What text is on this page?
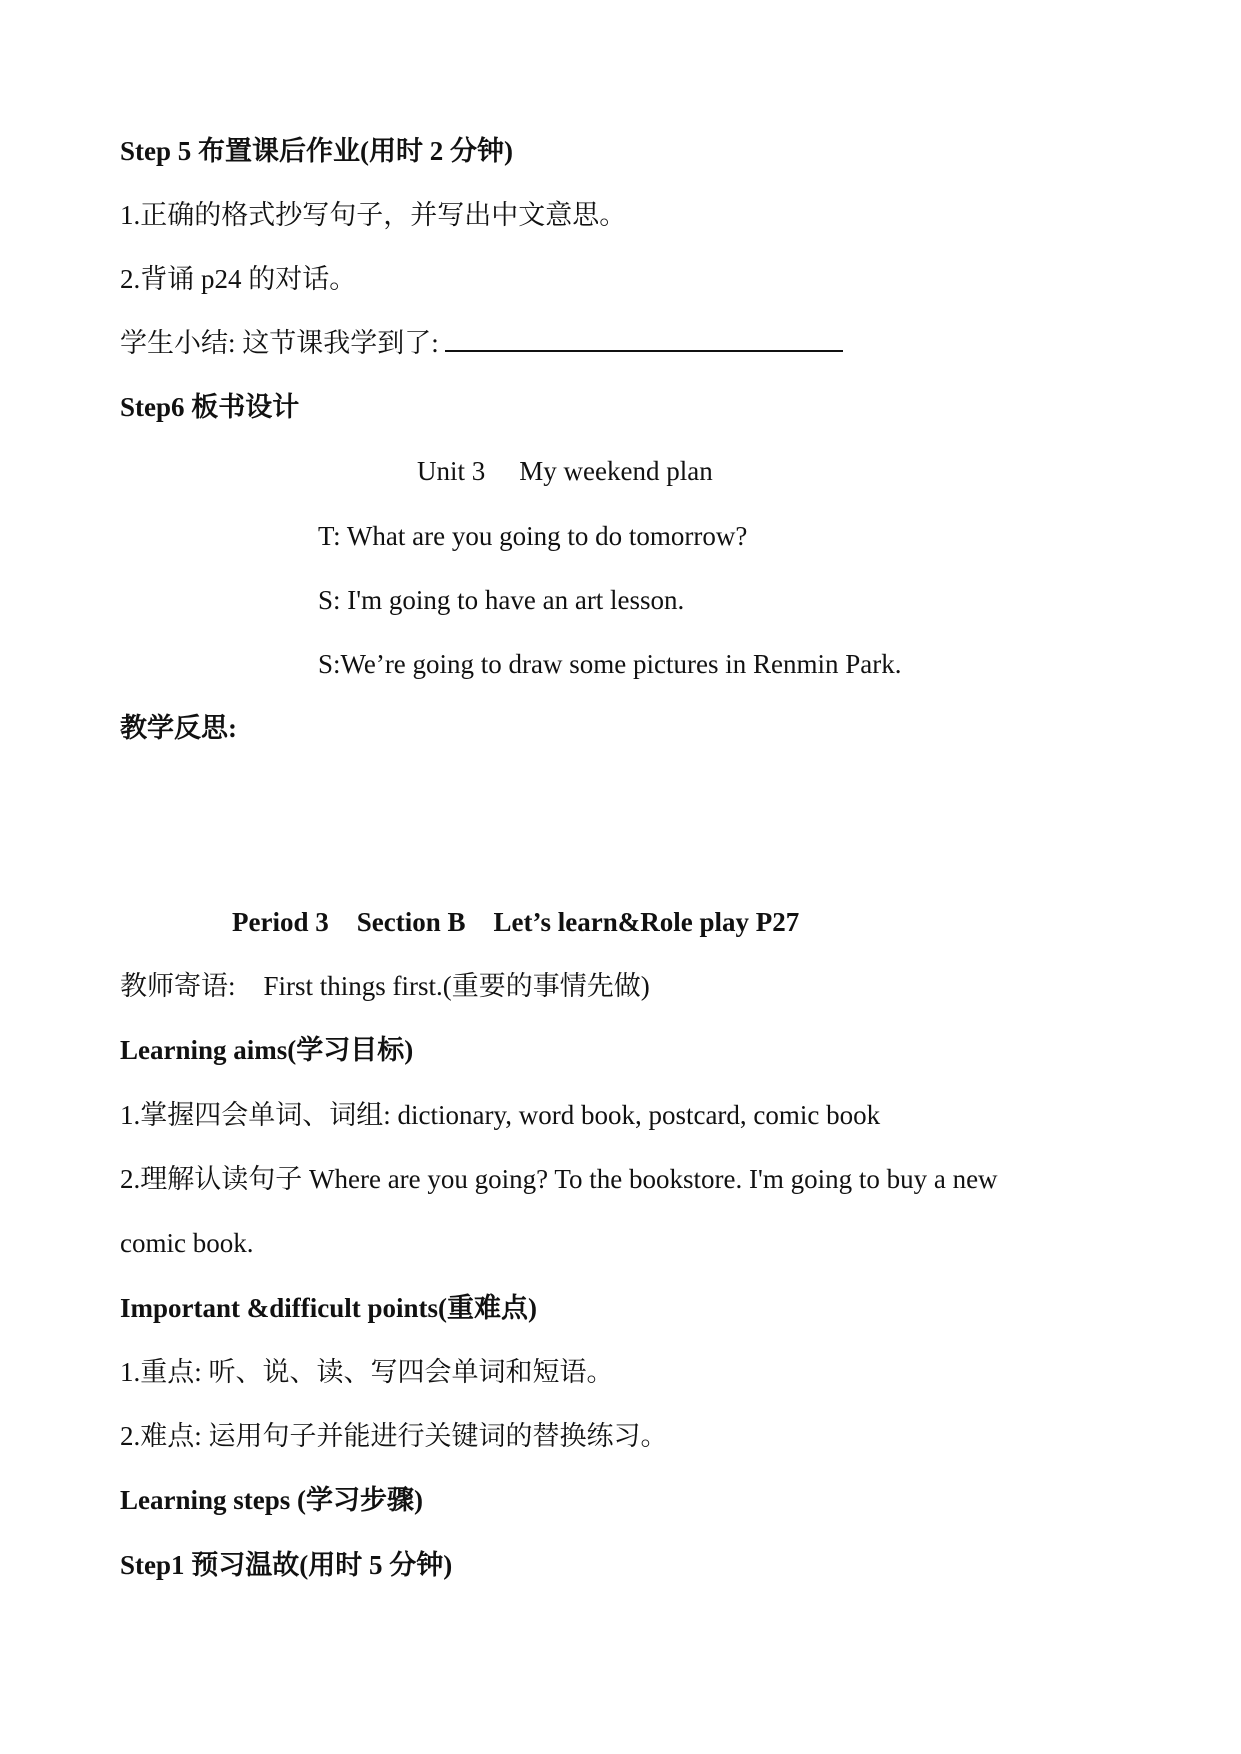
Step 5 布置课后作业(用时 2 分钟)
1.正确的格式抄写句子，并写出中文意思。
2.背诵 p24 的对话。
学生小结: 这节课我学到了:
Step6 板书设计
Unit 3 My weekend plan
T: What are you going to do tomorrow?
S: I'm going to have an art lesson.
S:We’re going to draw some pictures in Renmin Park.
教学反思:
Period 3 Section B Let’s learn&Role play P27
教师寄语: First things first.(重要的事情先做)
Learning aims(学习目标)
1.掌握四会单词、词组: dictionary, word book, postcard, comic book
2.理解认读句子 Where are you going? To the bookstore. I'm going to buy a new
comic book.
Important &difficult points(重难点)
1.重点: 听、说、读、写四会单词和短语。
2.难点: 运用句子并能进行关键词的替换练习。
Learning steps (学习步骤)
Step1 预习温故(用时 5 分钟)
